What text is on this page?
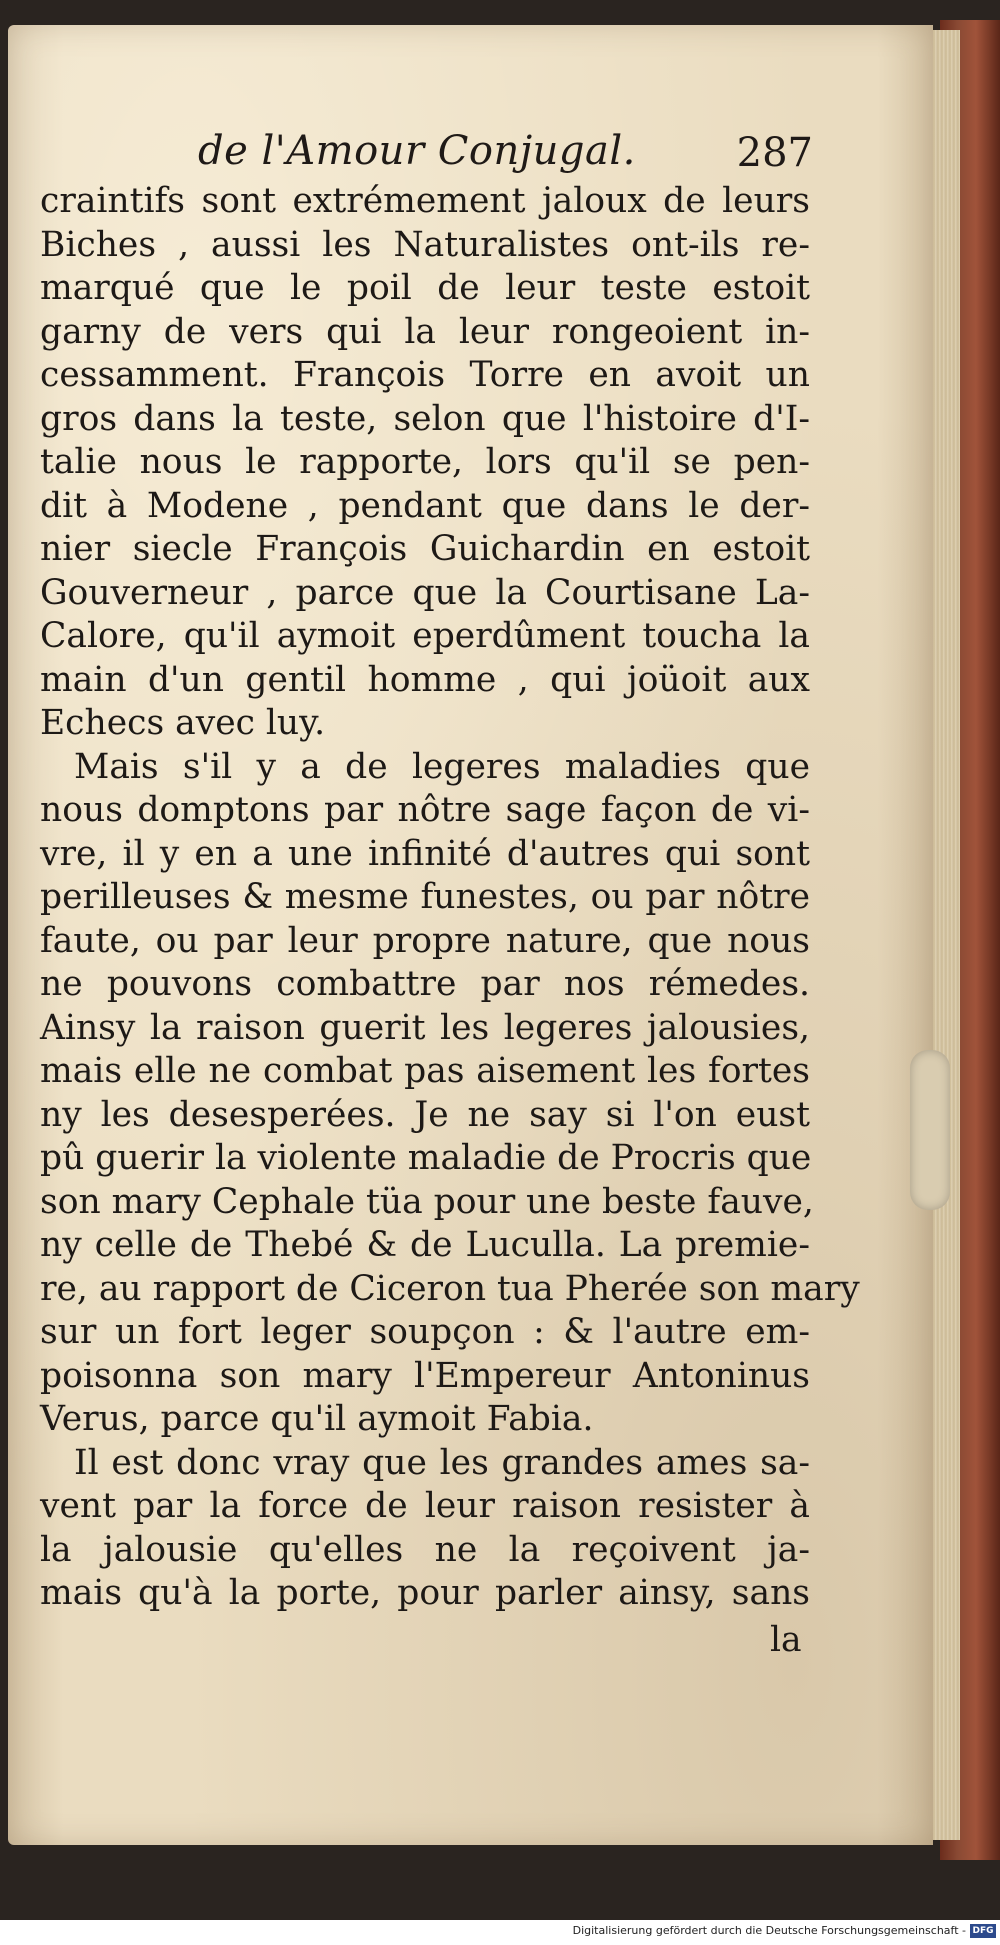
de l'Amour Conjugal.	287
craintifs sont extrémement jaloux de leurs
Biches , aussi les Naturalistes ont-ils re-
marqué que le poil de leur teste estoit
garny de vers qui la leur rongeoient in-
cessamment. François Torre en avoit un
gros dans la teste, selon que l'histoire d'I-
talie nous le rapporte, lors qu'il se pen-
dit à Modene , pendant que dans le der-
nier siecle François Guichardin en estoit
Gouverneur , parce que la Courtisane La-
Calore, qu'il aymoit eperdûment toucha la
main d'un gentil homme , qui joüoit aux
Echecs avec luy.
Mais s'il y a de legeres maladies que
nous domptons par nôtre sage façon de vi-
vre, il y en a une infinité d'autres qui sont
perilleuses & mesme funestes, ou par nôtre
faute, ou par leur propre nature, que nous
ne pouvons combattre par nos rémedes.
Ainsy la raison guerit les legeres jalousies,
mais elle ne combat pas aisement les fortes
ny les desesperées. Je ne say si l'on eust
pû guerir la violente maladie de Procris que
son mary Cephale tüa pour une beste fauve,
ny celle de Thebé & de Luculla. La premie-
re, au rapport de Ciceron tua Pherée son mary
sur un fort leger soupçon : & l'autre em-
poisonna son mary l'Empereur Antoninus
Verus, parce qu'il aymoit Fabia.
Il est donc vray que les grandes ames sa-
vent par la force de leur raison resister à
la jalousie qu'elles ne la reçoivent ja-
mais qu'à la porte, pour parler ainsy, sans
la
Digitalisierung gefördert durch die Deutsche Forschungsgemeinschaft - DFG
